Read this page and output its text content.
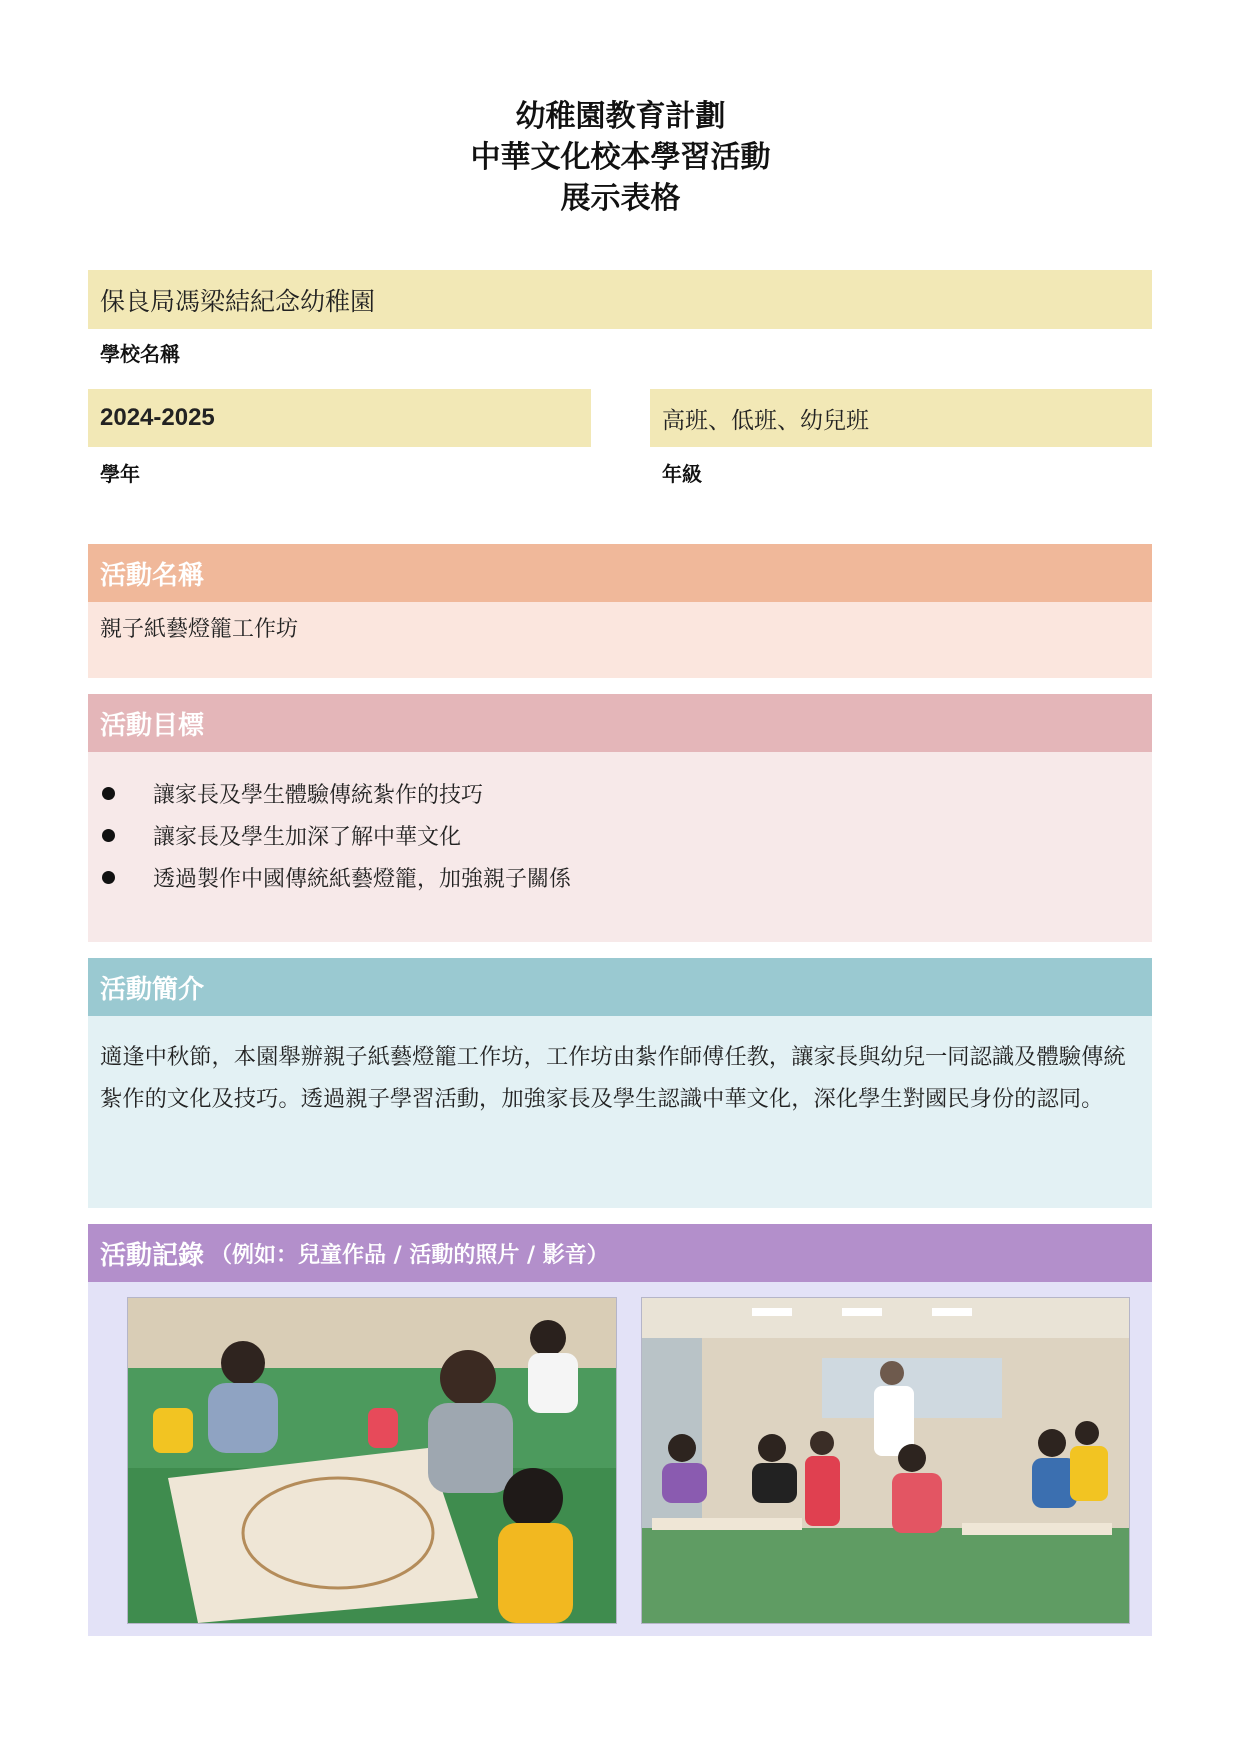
幼稚園教育計劃
中華文化校本學習活動
展示表格
保良局馮梁結紀念幼稚園
學校名稱
2024-2025
學年
高班、低班、幼兒班
年級
活動名稱
親子紙藝燈籠工作坊
活動目標
讓家長及學生體驗傳統紮作的技巧
讓家長及學生加深了解中華文化
透過製作中國傳統紙藝燈籠，加強親子關係
活動簡介
適逢中秋節，本園舉辦親子紙藝燈籠工作坊，工作坊由紮作師傅任教，讓家長與幼兒一同認識及體驗傳統紮作的文化及技巧。透過親子學習活動，加強家長及學生認識中華文化，深化學生對國民身份的認同。
活動記錄 （例如：兒童作品 / 活動的照片 / 影音）
